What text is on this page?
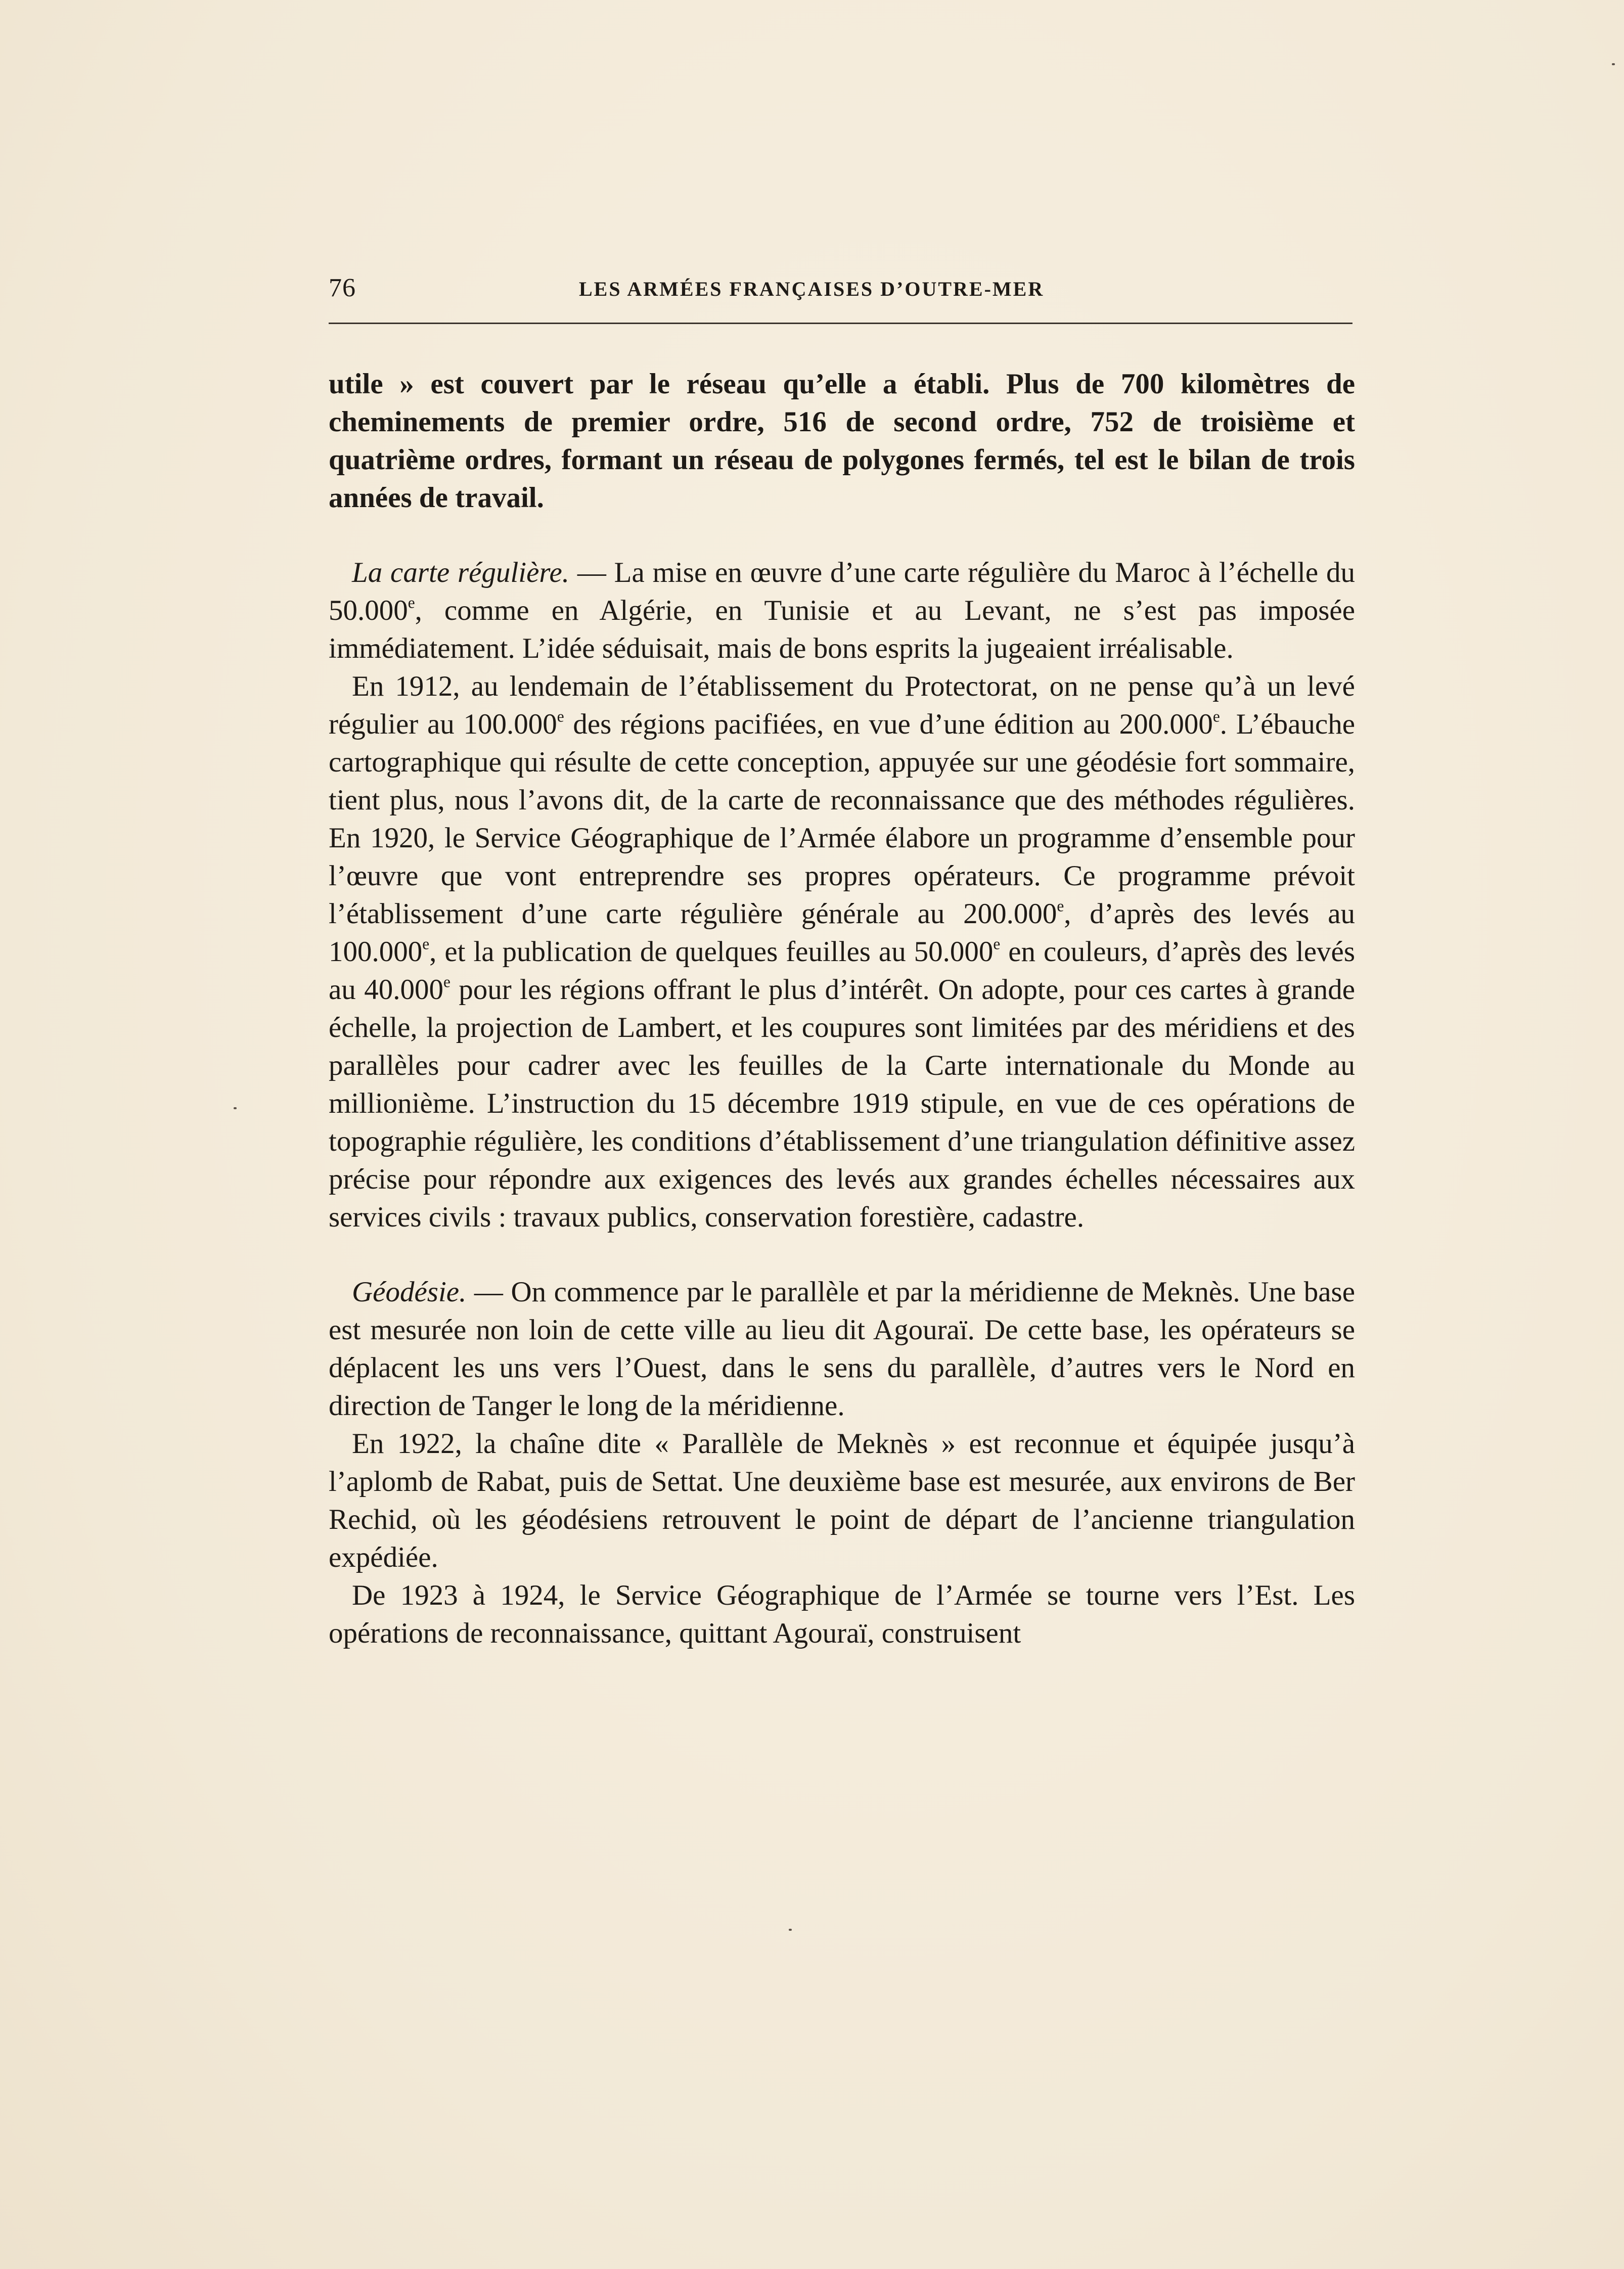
76	LES ARMÉES FRANÇAISES D’OUTRE-MER

utile » est couvert par le réseau qu’elle a établi. Plus de 700 kilomètres de cheminements de premier ordre, 516 de second ordre, 752 de troisième et quatrième ordres, formant un réseau de polygones fermés, tel est le bilan de trois années de travail.

La carte régulière. — La mise en œuvre d’une carte régulière du Maroc à l’échelle du 50.000e, comme en Algérie, en Tunisie et au Levant, ne s’est pas imposée immédiatement. L’idée séduisait, mais de bons esprits la jugeaient irréalisable.

En 1912, au lendemain de l’établissement du Protectorat, on ne pense qu’à un levé régulier au 100.000e des régions pacifiées, en vue d’une édition au 200.000e. L’ébauche cartographique qui résulte de cette conception, appuyée sur une géodésie fort sommaire, tient plus, nous l’avons dit, de la carte de reconnaissance que des méthodes régulières. En 1920, le Service Géographique de l’Armée élabore un programme d’ensemble pour l’œuvre que vont entreprendre ses propres opérateurs. Ce programme prévoit l’établissement d’une carte régulière générale au 200.000e, d’après des levés au 100.000e, et la publication de quelques feuilles au 50.000e en couleurs, d’après des levés au 40.000e pour les régions offrant le plus d’intérêt. On adopte, pour ces cartes à grande échelle, la projection de Lambert, et les coupures sont limitées par des méridiens et des parallèles pour cadrer avec les feuilles de la Carte internationale du Monde au millionième. L’instruction du 15 décembre 1919 stipule, en vue de ces opérations de topographie régulière, les conditions d’établissement d’une triangulation définitive assez précise pour répondre aux exigences des levés aux grandes échelles nécessaires aux services civils : travaux publics, conservation forestière, cadastre.

Géodésie. — On commence par le parallèle et par la méridienne de Meknès. Une base est mesurée non loin de cette ville au lieu dit Agouraï. De cette base, les opérateurs se déplacent les uns vers l’Ouest, dans le sens du parallèle, d’autres vers le Nord en direction de Tanger le long de la méridienne.

En 1922, la chaîne dite « Parallèle de Meknès » est reconnue et équipée jusqu’à l’aplomb de Rabat, puis de Settat. Une deuxième base est mesurée, aux environs de Ber Rechid, où les géodésiens retrouvent le point de départ de l’ancienne triangulation expédiée.

De 1923 à 1924, le Service Géographique de l’Armée se tourne vers l’Est. Les opérations de reconnaissance, quittant Agouraï, construisent
